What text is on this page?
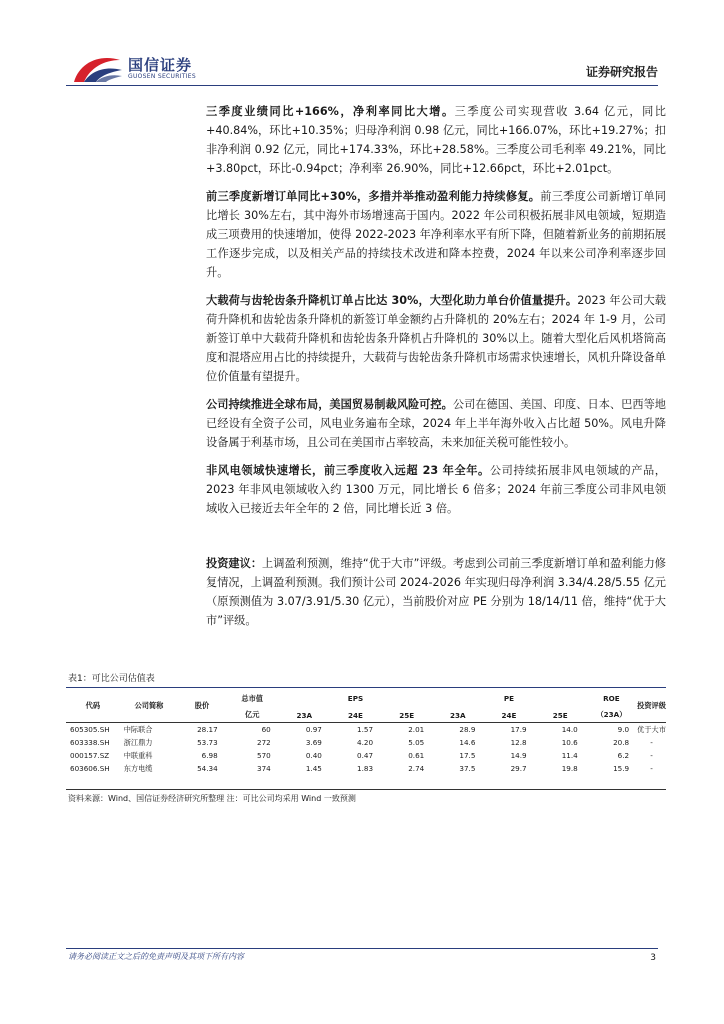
国信证券
GUOSEN SECURITIES	证券研究报告

三季度业绩同比+166%，净利率同比大增。三季度公司实现营收 3.64 亿元，同比+40.84%，环比+10.35%；归母净利润 0.98 亿元，同比+166.07%，环比+19.27%；扣非净利润 0.92 亿元，同比+174.33%，环比+28.58%。三季度公司毛利率 49.21%，同比+3.80pct，环比-0.94pct；净利率 26.90%，同比+12.66pct，环比+2.01pct。

前三季度新增订单同比+30%，多措并举推动盈利能力持续修复。前三季度公司新增订单同比增长 30%左右，其中海外市场增速高于国内。2022 年公司积极拓展非风电领域，短期造成三项费用的快速增加，使得 2022-2023 年净利率水平有所下降，但随着新业务的前期拓展工作逐步完成，以及相关产品的持续技术改进和降本控费，2024 年以来公司净利率逐步回升。

大载荷与齿轮齿条升降机订单占比达 30%，大型化助力单台价值量提升。2023 年公司大载荷升降机和齿轮齿条升降机的新签订单金额约占升降机的 20%左右；2024 年 1-9 月，公司新签订单中大载荷升降机和齿轮齿条升降机占升降机的 30%以上。随着大型化后风机塔筒高度和混塔应用占比的持续提升，大载荷与齿轮齿条升降机市场需求快速增长，风机升降设备单位价值量有望提升。

公司持续推进全球布局，美国贸易制裁风险可控。公司在德国、美国、印度、日本、巴西等地已经设有全资子公司，风电业务遍布全球，2024 年上半年海外收入占比超 50%。风电升降设备属于利基市场，且公司在美国市占率较高，未来加征关税可能性较小。

非风电领域快速增长，前三季度收入远超 23 年全年。公司持续拓展非风电领域的产品，2023 年非风电领域收入约 1300 万元，同比增长 6 倍多；2024 年前三季度公司非风电领域收入已接近去年全年的 2 倍，同比增长近 3 倍。

投资建议：上调盈利预测，维持“优于大市”评级。考虑到公司前三季度新增订单和盈利能力修复情况，上调盈利预测。我们预计公司 2024-2026 年实现归母净利润 3.34/4.28/5.55 亿元（原预测值为 3.07/3.91/5.30 亿元），当前股价对应 PE 分别为 18/14/11 倍，维持“优于大市”评级。

表1：可比公司估值表
代码	公司简称	股价	总市值	EPS			PE			ROE	投资评级
			亿元	23A	24E	25E	23A	24E	25E	（23A）	
605305.SH	中际联合	28.17	60	0.97	1.57	2.01	28.9	17.9	14.0	9.0	优于大市
603338.SH	浙江鼎力	53.73	272	3.69	4.20	5.05	14.6	12.8	10.6	20.8	-
000157.SZ	中联重科	6.98	570	0.40	0.47	0.61	17.5	14.9	11.4	6.2	-
603606.SH	东方电缆	54.34	374	1.45	1.83	2.74	37.5	29.7	19.8	15.9	-
资料来源：Wind、国信证券经济研究所整理 注：可比公司均采用 Wind 一致预测
请务必阅读正文之后的免责声明及其项下所有内容	3
